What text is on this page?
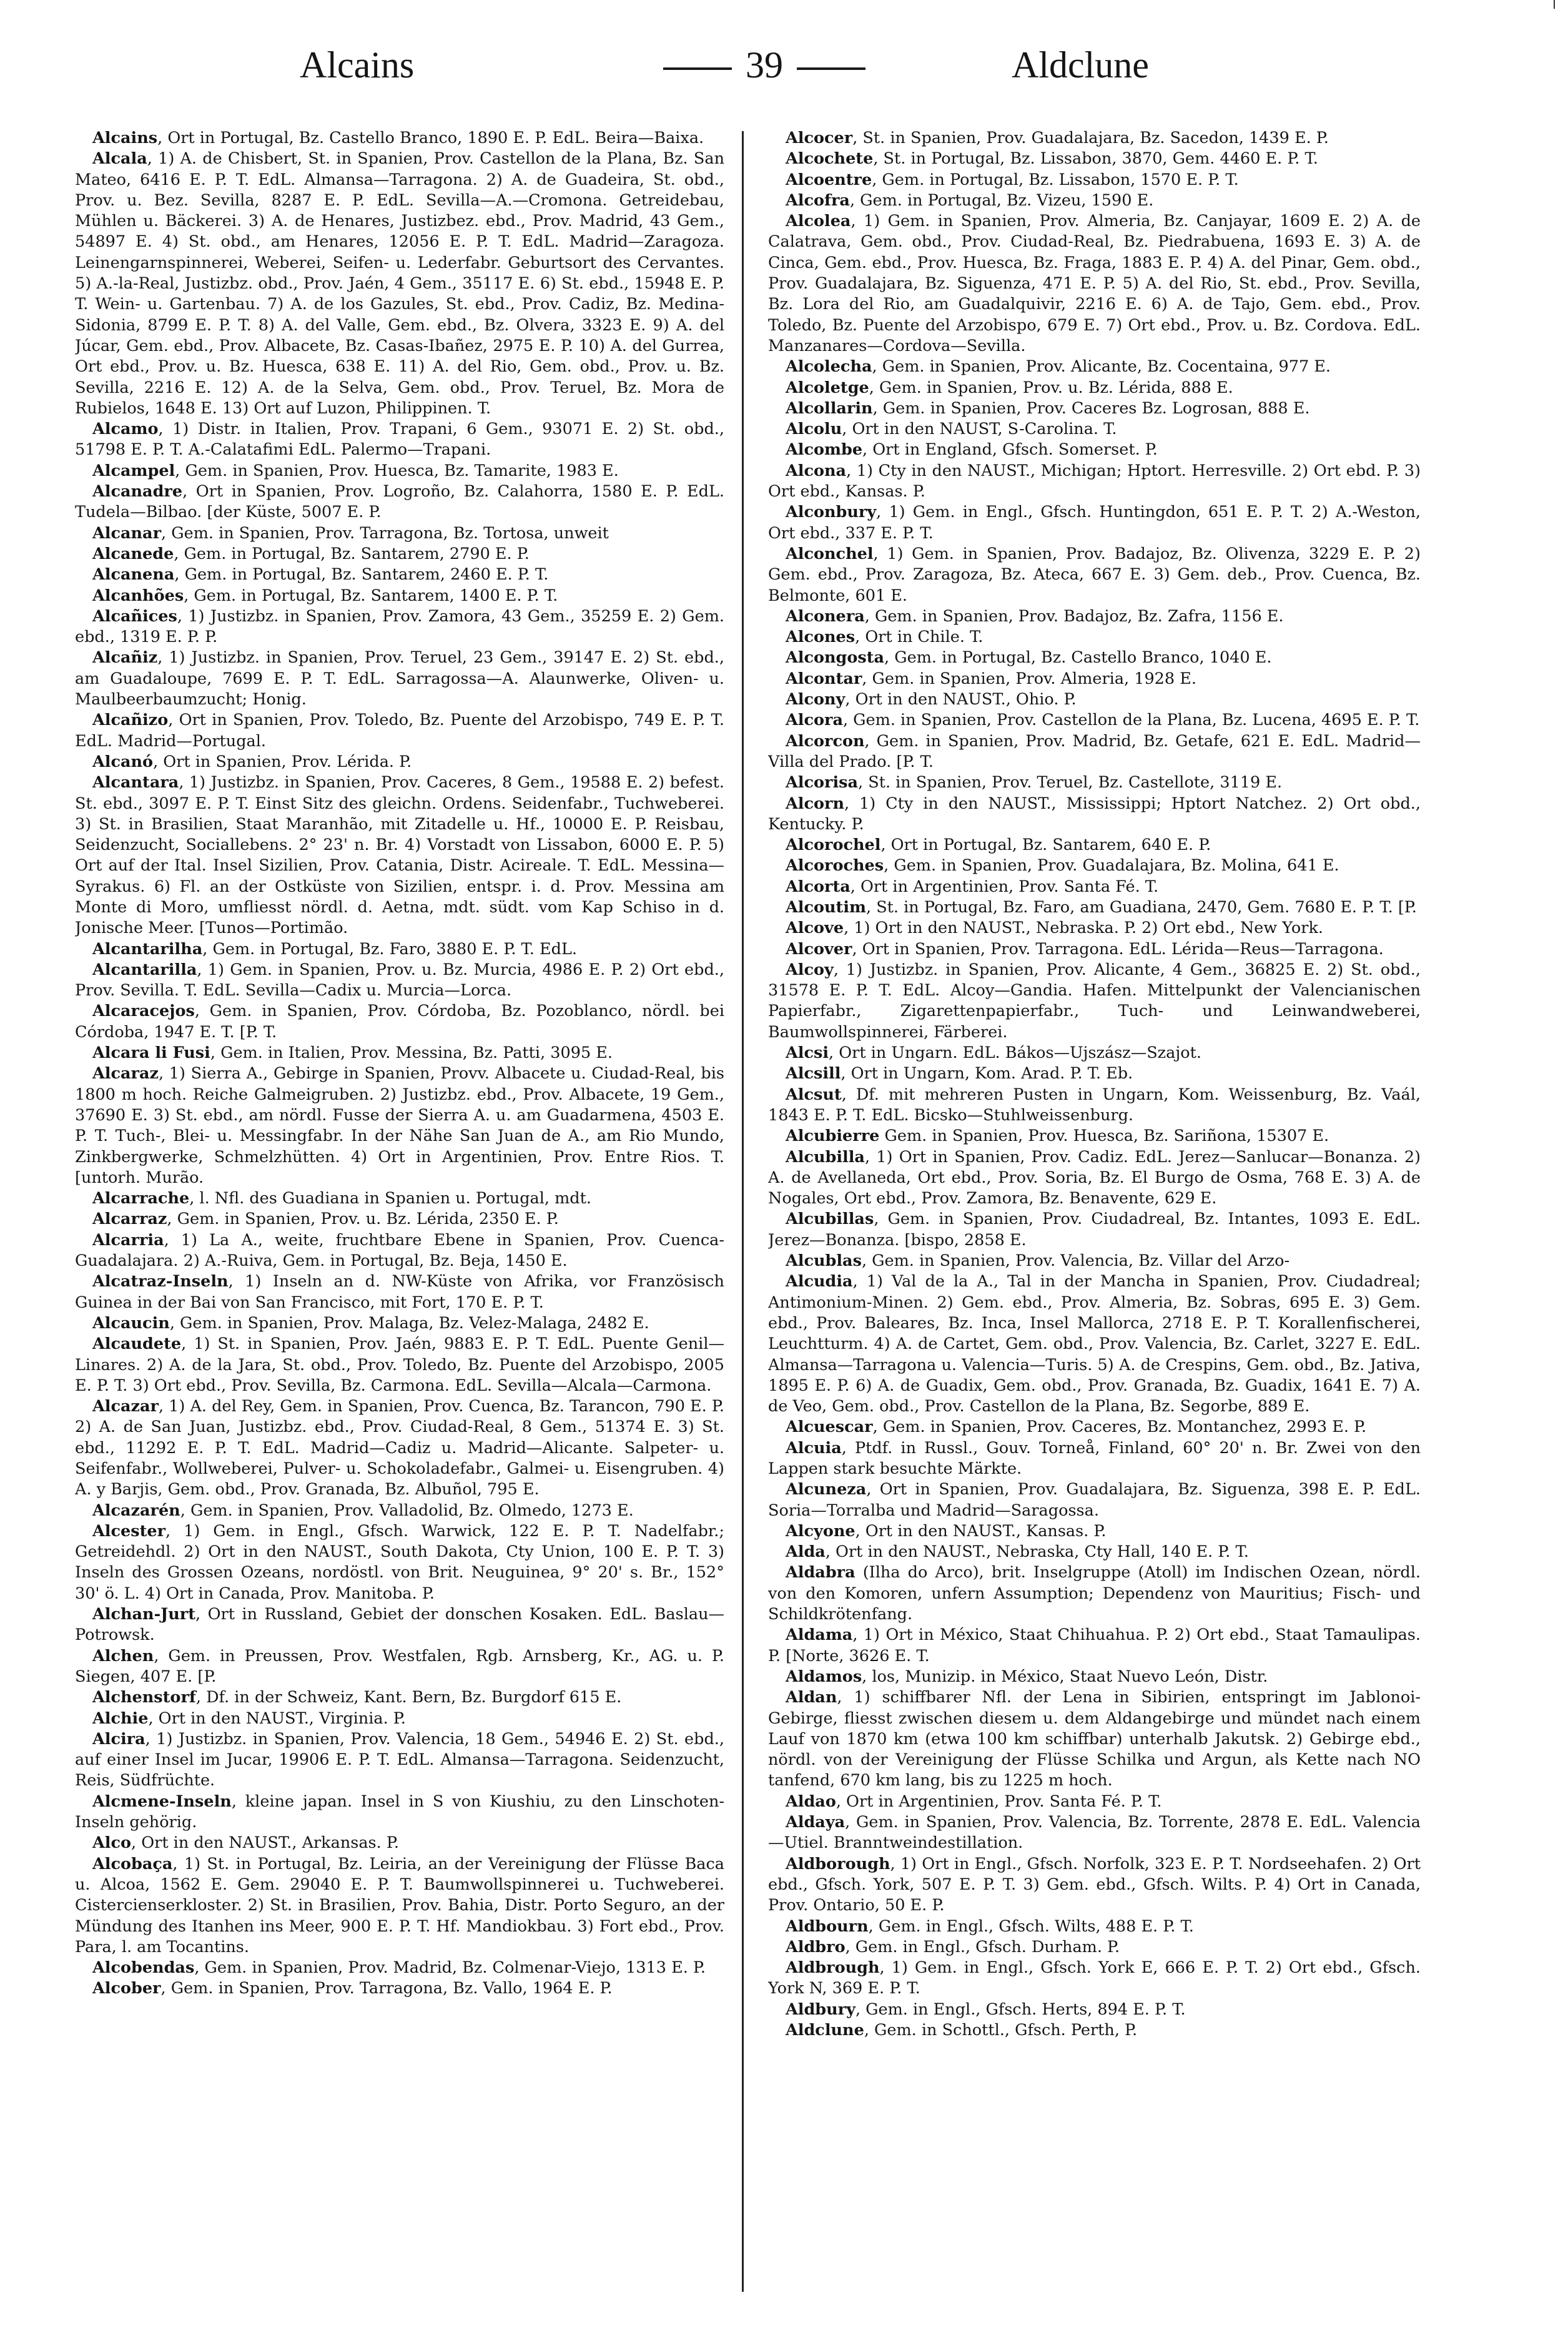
Alcains	39	Aldclune

Alcains, Ort in Portugal, Bz. Castello Branco, 1890 E. P. EdL. Beira—Baixa.

Alcala, 1) A. de Chisbert, St. in Spanien, Prov. Castellon de la Plana, Bz. San Mateo, 6416 E. P. T. EdL. Almansa—Tarragona. 2) A. de Guadeira, St. obd., Prov. u. Bez. Sevilla, 8287 E. P. EdL. Sevilla—A.—Cromona. Getreidebau, Mühlen u. Bäckerei. 3) A. de Henares, Justizbez. ebd., Prov. Madrid, 43 Gem., 54897 E. 4) St. obd., am Henares, 12056 E. P. T. EdL. Madrid—Zaragoza. Leinengarnspinnerei, Weberei, Seifen- u. Lederfabr. Geburtsort des Cervantes. 5) A.-la-Real, Justizbz. obd., Prov. Jaén, 4 Gem., 35117 E. 6) St. ebd., 15948 E. P. T. Wein- u. Gartenbau. 7) A. de los Gazules, St. ebd., Prov. Cadiz, Bz. Medina-Sidonia, 8799 E. P. T. 8) A. del Valle, Gem. ebd., Bz. Olvera, 3323 E. 9) A. del Júcar, Gem. ebd., Prov. Albacete, Bz. Casas-Ibañez, 2975 E. P. 10) A. del Gurrea, Ort ebd., Prov. u. Bz. Huesca, 638 E. 11) A. del Rio, Gem. obd., Prov. u. Bz. Sevilla, 2216 E. 12) A. de la Selva, Gem. obd., Prov. Teruel, Bz. Mora de Rubielos, 1648 E. 13) Ort auf Luzon, Philippinen. T.

Alcamo, 1) Distr. in Italien, Prov. Trapani, 6 Gem., 93071 E. 2) St. obd., 51798 E. P. T. A.-Calatafimi EdL. Palermo—Trapani.

Alcampel, Gem. in Spanien, Prov. Huesca, Bz. Tamarite, 1983 E.

Alcanadre, Ort in Spanien, Prov. Logroño, Bz. Calahorra, 1580 E. P. EdL. Tudela—Bilbao. [der Küste, 5007 E. P.

Alcanar, Gem. in Spanien, Prov. Tarragona, Bz. Tortosa, unweit

Alcanede, Gem. in Portugal, Bz. Santarem, 2790 E. P.

Alcanena, Gem. in Portugal, Bz. Santarem, 2460 E. P. T.

Alcanhões, Gem. in Portugal, Bz. Santarem, 1400 E. P. T.

Alcañices, 1) Justizbz. in Spanien, Prov. Zamora, 43 Gem., 35259 E. 2) Gem. ebd., 1319 E. P. P.

Alcañiz, 1) Justizbz. in Spanien, Prov. Teruel, 23 Gem., 39147 E. 2) St. ebd., am Guadaloupe, 7699 E. P. T. EdL. Sarragossa—A. Alaunwerke, Oliven- u. Maulbeerbaumzucht; Honig.

Alcañizo, Ort in Spanien, Prov. Toledo, Bz. Puente del Arzobispo, 749 E. P. T. EdL. Madrid—Portugal.

Alcanó, Ort in Spanien, Prov. Lérida. P.

Alcantara, 1) Justizbz. in Spanien, Prov. Caceres, 8 Gem., 19588 E. 2) befest. St. ebd., 3097 E. P. T. Einst Sitz des gleichn. Ordens. Seidenfabr., Tuchweberei. 3) St. in Brasilien, Staat Maranhão, mit Zitadelle u. Hf., 10000 E. P. Reisbau, Seidenzucht, Sociallebens. 2° 23' n. Br. 4) Vorstadt von Lissabon, 6000 E. P. 5) Ort auf der Ital. Insel Sizilien, Prov. Catania, Distr. Acireale. T. EdL. Messina—Syrakus. 6) Fl. an der Ostküste von Sizilien, entspr. i. d. Prov. Messina am Monte di Moro, umfliesst nördl. d. Aetna, mdt. südt. vom Kap Schiso in d. Jonische Meer. [Tunos—Portimão.

Alcantarilha, Gem. in Portugal, Bz. Faro, 3880 E. P. T. EdL.

Alcantarilla, 1) Gem. in Spanien, Prov. u. Bz. Murcia, 4986 E. P. 2) Ort ebd., Prov. Sevilla. T. EdL. Sevilla—Cadix u. Murcia—Lorca.

Alcaracejos, Gem. in Spanien, Prov. Córdoba, Bz. Pozoblanco, nördl. bei Córdoba, 1947 E. T. [P. T.

Alcara li Fusi, Gem. in Italien, Prov. Messina, Bz. Patti, 3095 E.

Alcaraz, 1) Sierra A., Gebirge in Spanien, Provv. Albacete u. Ciudad-Real, bis 1800 m hoch. Reiche Galmeigruben. 2) Justizbz. ebd., Prov. Albacete, 19 Gem., 37690 E. 3) St. ebd., am nördl. Fusse der Sierra A. u. am Guadarmena, 4503 E. P. T. Tuch-, Blei- u. Messingfabr. In der Nähe San Juan de A., am Rio Mundo, Zinkbergwerke, Schmelzhütten. 4) Ort in Argentinien, Prov. Entre Rios. T. [untorh. Murão.

Alcarrache, l. Nfl. des Guadiana in Spanien u. Portugal, mdt.

Alcarraz, Gem. in Spanien, Prov. u. Bz. Lérida, 2350 E. P.

Alcarria, 1) La A., weite, fruchtbare Ebene in Spanien, Prov. Cuenca-Guadalajara. 2) A.-Ruiva, Gem. in Portugal, Bz. Beja, 1450 E.

Alcatraz-Inseln, 1) Inseln an d. NW-Küste von Afrika, vor Französisch Guinea in der Bai von San Francisco, mit Fort, 170 E. P. T.

Alcaucin, Gem. in Spanien, Prov. Malaga, Bz. Velez-Malaga, 2482 E.

Alcaudete, 1) St. in Spanien, Prov. Jaén, 9883 E. P. T. EdL. Puente Genil—Linares. 2) A. de la Jara, St. obd., Prov. Toledo, Bz. Puente del Arzobispo, 2005 E. P. T. 3) Ort ebd., Prov. Sevilla, Bz. Carmona. EdL. Sevilla—Alcala—Carmona.

Alcazar, 1) A. del Rey, Gem. in Spanien, Prov. Cuenca, Bz. Tarancon, 790 E. P. 2) A. de San Juan, Justizbz. ebd., Prov. Ciudad-Real, 8 Gem., 51374 E. 3) St. ebd., 11292 E. P. T. EdL. Madrid—Cadiz u. Madrid—Alicante. Salpeter- u. Seifenfabr., Wollweberei, Pulver- u. Schokoladefabr., Galmei- u. Eisengruben. 4) A. y Barjis, Gem. obd., Prov. Granada, Bz. Albuñol, 795 E.

Alcazarén, Gem. in Spanien, Prov. Valladolid, Bz. Olmedo, 1273 E.

Alcester, 1) Gem. in Engl., Gfsch. Warwick, 122 E. P. T. Nadelfabr.; Getreidehdl. 2) Ort in den NAUST., South Dakota, Cty Union, 100 E. P. T. 3) Inseln des Grossen Ozeans, nordöstl. von Brit. Neuguinea, 9° 20' s. Br., 152° 30' ö. L. 4) Ort in Canada, Prov. Manitoba. P.

Alchan-Jurt, Ort in Russland, Gebiet der donschen Kosaken. EdL. Baslau—Potrowsk.

Alchen, Gem. in Preussen, Prov. Westfalen, Rgb. Arnsberg, Kr., AG. u. P. Siegen, 407 E. [P.

Alchenstorf, Df. in der Schweiz, Kant. Bern, Bz. Burgdorf 615 E.

Alchie, Ort in den NAUST., Virginia. P.

Alcira, 1) Justizbz. in Spanien, Prov. Valencia, 18 Gem., 54946 E. 2) St. ebd., auf einer Insel im Jucar, 19906 E. P. T. EdL. Almansa—Tarragona. Seidenzucht, Reis, Südfrüchte.

Alcmene-Inseln, kleine japan. Insel in S von Kiushiu, zu den Linschoten-Inseln gehörig.

Alco, Ort in den NAUST., Arkansas. P.

Alcobaça, 1) St. in Portugal, Bz. Leiria, an der Vereinigung der Flüsse Baca u. Alcoa, 1562 E. Gem. 29040 E. P. T. Baumwollspinnerei u. Tuchweberei. Cistercienserkloster. 2) St. in Brasilien, Prov. Bahia, Distr. Porto Seguro, an der Mündung des Itanhen ins Meer, 900 E. P. T. Hf. Mandiokbau. 3) Fort ebd., Prov. Para, l. am Tocantins.

Alcobendas, Gem. in Spanien, Prov. Madrid, Bz. Colmenar-Viejo, 1313 E. P.

Alcober, Gem. in Spanien, Prov. Tarragona, Bz. Vallo, 1964 E. P.

Alcocer, St. in Spanien, Prov. Guadalajara, Bz. Sacedon, 1439 E. P.

Alcochete, St. in Portugal, Bz. Lissabon, 3870, Gem. 4460 E. P. T.

Alcoentre, Gem. in Portugal, Bz. Lissabon, 1570 E. P. T.

Alcofra, Gem. in Portugal, Bz. Vizeu, 1590 E.

Alcolea, 1) Gem. in Spanien, Prov. Almeria, Bz. Canjayar, 1609 E. 2) A. de Calatrava, Gem. obd., Prov. Ciudad-Real, Bz. Piedrabuena, 1693 E. 3) A. de Cinca, Gem. ebd., Prov. Huesca, Bz. Fraga, 1883 E. P. 4) A. del Pinar, Gem. obd., Prov. Guadalajara, Bz. Siguenza, 471 E. P. 5) A. del Rio, St. ebd., Prov. Sevilla, Bz. Lora del Rio, am Guadalquivir, 2216 E. 6) A. de Tajo, Gem. ebd., Prov. Toledo, Bz. Puente del Arzobispo, 679 E. 7) Ort ebd., Prov. u. Bz. Cordova. EdL. Manzanares—Cordova—Sevilla.

Alcolecha, Gem. in Spanien, Prov. Alicante, Bz. Cocentaina, 977 E.

Alcoletge, Gem. in Spanien, Prov. u. Bz. Lérida, 888 E.

Alcollarin, Gem. in Spanien, Prov. Caceres Bz. Logrosan, 888 E.

Alcolu, Ort in den NAUST, S-Carolina. T.

Alcombe, Ort in England, Gfsch. Somerset. P.

Alcona, 1) Cty in den NAUST., Michigan; Hptort. Herresville. 2) Ort ebd. P. 3) Ort ebd., Kansas. P.

Alconbury, 1) Gem. in Engl., Gfsch. Huntingdon, 651 E. P. T. 2) A.-Weston, Ort ebd., 337 E. P. T.

Alconchel, 1) Gem. in Spanien, Prov. Badajoz, Bz. Olivenza, 3229 E. P. 2) Gem. ebd., Prov. Zaragoza, Bz. Ateca, 667 E. 3) Gem. deb., Prov. Cuenca, Bz. Belmonte, 601 E.

Alconera, Gem. in Spanien, Prov. Badajoz, Bz. Zafra, 1156 E.

Alcones, Ort in Chile. T.

Alcongosta, Gem. in Portugal, Bz. Castello Branco, 1040 E.

Alcontar, Gem. in Spanien, Prov. Almeria, 1928 E.

Alcony, Ort in den NAUST., Ohio. P.

Alcora, Gem. in Spanien, Prov. Castellon de la Plana, Bz. Lucena, 4695 E. P. T.

Alcorcon, Gem. in Spanien, Prov. Madrid, Bz. Getafe, 621 E. EdL. Madrid—Villa del Prado. [P. T.

Alcorisa, St. in Spanien, Prov. Teruel, Bz. Castellote, 3119 E.

Alcorn, 1) Cty in den NAUST., Mississippi; Hptort Natchez. 2) Ort obd., Kentucky. P.

Alcorochel, Ort in Portugal, Bz. Santarem, 640 E. P.

Alcoroches, Gem. in Spanien, Prov. Guadalajara, Bz. Molina, 641 E.

Alcorta, Ort in Argentinien, Prov. Santa Fé. T.

Alcoutim, St. in Portugal, Bz. Faro, am Guadiana, 2470, Gem. 7680 E. P. T. [P.

Alcove, 1) Ort in den NAUST., Nebraska. P. 2) Ort ebd., New York.

Alcover, Ort in Spanien, Prov. Tarragona. EdL. Lérida—Reus—Tarragona.

Alcoy, 1) Justizbz. in Spanien, Prov. Alicante, 4 Gem., 36825 E. 2) St. obd., 31578 E. P. T. EdL. Alcoy—Gandia. Hafen. Mittelpunkt der Valencianischen Papierfabr., Zigarettenpapierfabr., Tuch- und Leinwandweberei, Baumwollspinnerei, Färberei.

Alcsi, Ort in Ungarn. EdL. Bákos—Ujszász—Szajot.

Alcsill, Ort in Ungarn, Kom. Arad. P. T. Eb.

Alcsut, Df. mit mehreren Pusten in Ungarn, Kom. Weissenburg, Bz. Vaál, 1843 E. P. T. EdL. Bicsko—Stuhlweissenburg.

Alcubierre Gem. in Spanien, Prov. Huesca, Bz. Sariñona, 15307 E.

Alcubilla, 1) Ort in Spanien, Prov. Cadiz. EdL. Jerez—Sanlucar—Bonanza. 2) A. de Avellaneda, Ort ebd., Prov. Soria, Bz. El Burgo de Osma, 768 E. 3) A. de Nogales, Ort ebd., Prov. Zamora, Bz. Benavente, 629 E.

Alcubillas, Gem. in Spanien, Prov. Ciudadreal, Bz. Intantes, 1093 E. EdL. Jerez—Bonanza. [bispo, 2858 E.

Alcublas, Gem. in Spanien, Prov. Valencia, Bz. Villar del Arzo-

Alcudia, 1) Val de la A., Tal in der Mancha in Spanien, Prov. Ciudadreal; Antimonium-Minen. 2) Gem. ebd., Prov. Almeria, Bz. Sobras, 695 E. 3) Gem. ebd., Prov. Baleares, Bz. Inca, Insel Mallorca, 2718 E. P. T. Korallenfischerei, Leuchtturm. 4) A. de Cartet, Gem. obd., Prov. Valencia, Bz. Carlet, 3227 E. EdL. Almansa—Tarragona u. Valencia—Turis. 5) A. de Crespins, Gem. obd., Bz. Jativa, 1895 E. P. 6) A. de Guadix, Gem. obd., Prov. Granada, Bz. Guadix, 1641 E. 7) A. de Veo, Gem. obd., Prov. Castellon de la Plana, Bz. Segorbe, 889 E.

Alcuescar, Gem. in Spanien, Prov. Caceres, Bz. Montanchez, 2993 E. P.

Alcuia, Ptdf. in Russl., Gouv. Torneå, Finland, 60° 20' n. Br. Zwei von den Lappen stark besuchte Märkte.

Alcuneza, Ort in Spanien, Prov. Guadalajara, Bz. Siguenza, 398 E. P. EdL. Soria—Torralba und Madrid—Saragossa.

Alcyone, Ort in den NAUST., Kansas. P.

Alda, Ort in den NAUST., Nebraska, Cty Hall, 140 E. P. T.

Aldabra (Ilha do Arco), brit. Inselgruppe (Atoll) im Indischen Ozean, nördl. von den Komoren, unfern Assumption; Dependenz von Mauritius; Fisch- und Schildkrötenfang.

Aldama, 1) Ort in México, Staat Chihuahua. P. 2) Ort ebd., Staat Tamaulipas. P. [Norte, 3626 E. T.

Aldamos, los, Munizip. in México, Staat Nuevo León, Distr.

Aldan, 1) schiffbarer Nfl. der Lena in Sibirien, entspringt im Jablonoi-Gebirge, fliesst zwischen diesem u. dem Aldangebirge und mündet nach einem Lauf von 1870 km (etwa 100 km schiffbar) unterhalb Jakutsk. 2) Gebirge ebd., nördl. von der Vereinigung der Flüsse Schilka und Argun, als Kette nach NO tanfend, 670 km lang, bis zu 1225 m hoch.

Aldao, Ort in Argentinien, Prov. Santa Fé. P. T.

Aldaya, Gem. in Spanien, Prov. Valencia, Bz. Torrente, 2878 E. EdL. Valencia—Utiel. Branntweindestillation.

Aldborough, 1) Ort in Engl., Gfsch. Norfolk, 323 E. P. T. Nordseehafen. 2) Ort ebd., Gfsch. York, 507 E. P. T. 3) Gem. ebd., Gfsch. Wilts. P. 4) Ort in Canada, Prov. Ontario, 50 E. P.

Aldbourn, Gem. in Engl., Gfsch. Wilts, 488 E. P. T.

Aldbro, Gem. in Engl., Gfsch. Durham. P.

Aldbrough, 1) Gem. in Engl., Gfsch. York E, 666 E. P. T. 2) Ort ebd., Gfsch. York N, 369 E. P. T.

Aldbury, Gem. in Engl., Gfsch. Herts, 894 E. P. T.

Aldclune, Gem. in Schottl., Gfsch. Perth, P.
